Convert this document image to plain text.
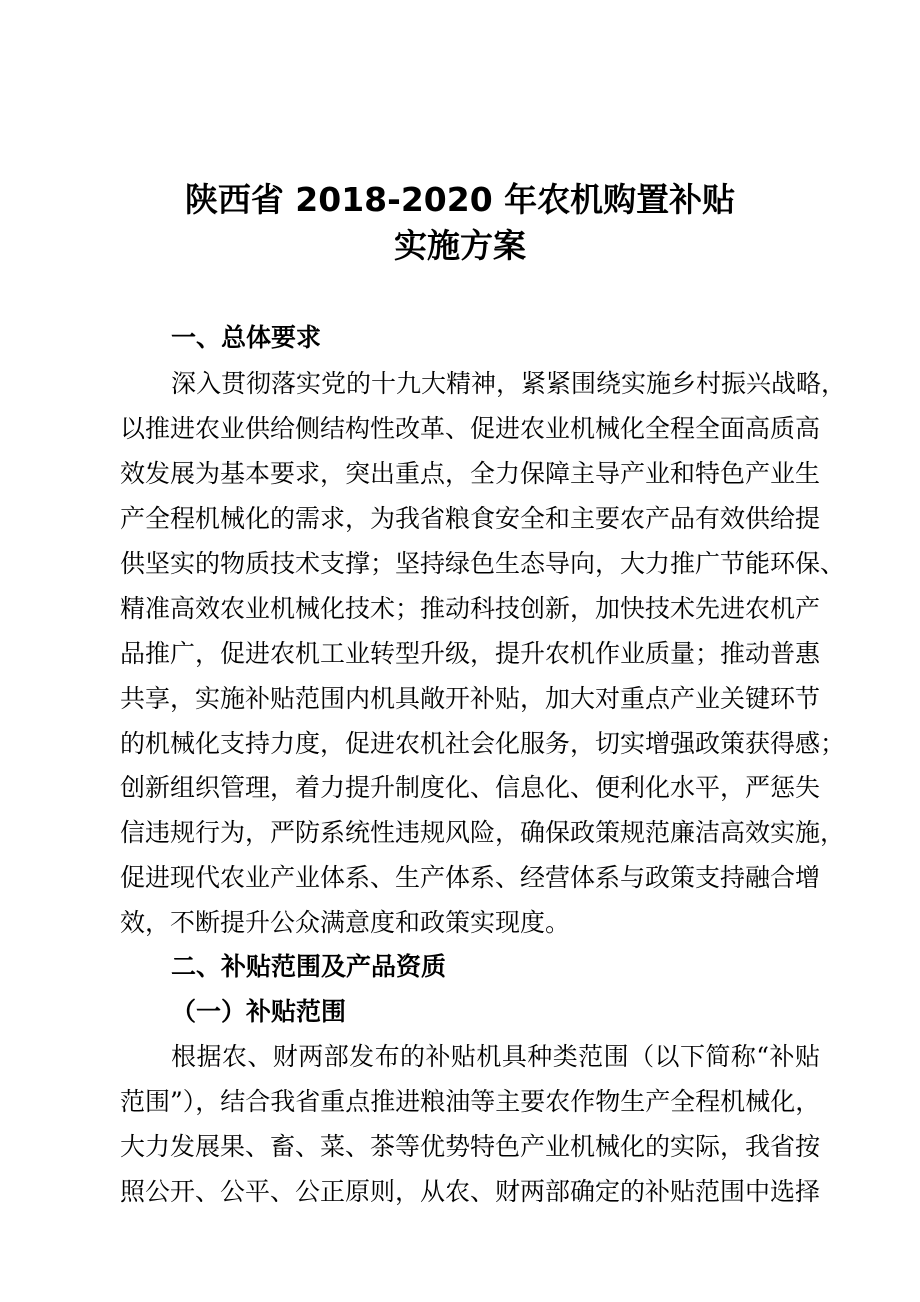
陕西省 2018-2020 年农机购置补贴
实施方案
一、总体要求
深入贯彻落实党的十九大精神，紧紧围绕实施乡村振兴战略，
以推进农业供给侧结构性改革、促进农业机械化全程全面高质高
效发展为基本要求，突出重点，全力保障主导产业和特色产业生
产全程机械化的需求，为我省粮食安全和主要农产品有效供给提
供坚实的物质技术支撑；坚持绿色生态导向，大力推广节能环保、
精准高效农业机械化技术；推动科技创新，加快技术先进农机产
品推广，促进农机工业转型升级，提升农机作业质量；推动普惠
共享，实施补贴范围内机具敞开补贴，加大对重点产业关键环节
的机械化支持力度，促进农机社会化服务，切实增强政策获得感；
创新组织管理，着力提升制度化、信息化、便利化水平，严惩失
信违规行为，严防系统性违规风险，确保政策规范廉洁高效实施，
促进现代农业产业体系、生产体系、经营体系与政策支持融合增
效，不断提升公众满意度和政策实现度。
二、补贴范围及产品资质
（一）补贴范围
根据农、财两部发布的补贴机具种类范围（以下简称“补贴
范围”），结合我省重点推进粮油等主要农作物生产全程机械化，
大力发展果、畜、菜、茶等优势特色产业机械化的实际，我省按
照公开、公平、公正原则，从农、财两部确定的补贴范围中选择
